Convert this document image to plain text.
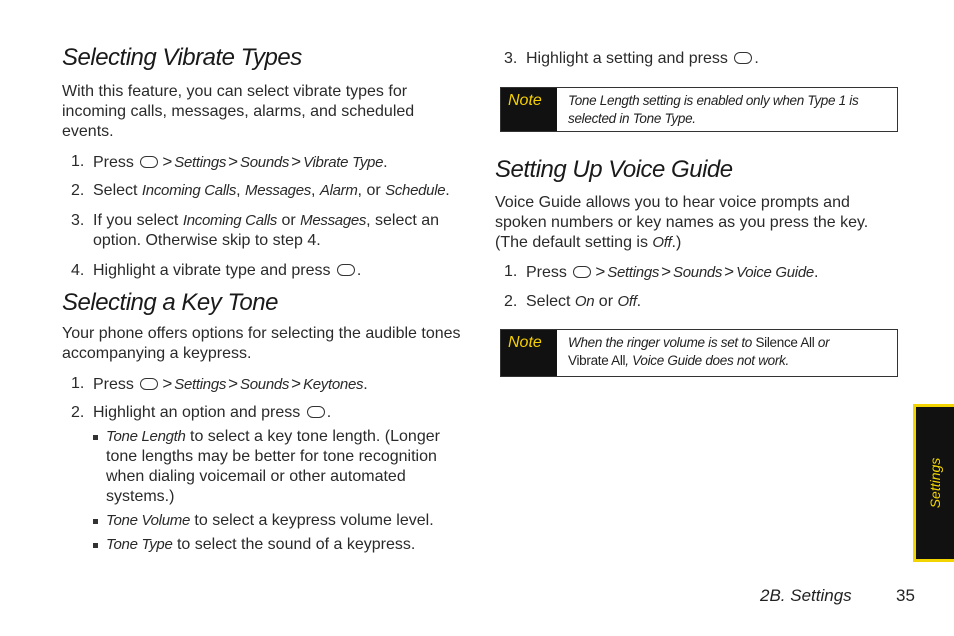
Selecting Vibrate Types

With this feature, you can select vibrate types for incoming calls, messages, alarms, and scheduled events.

1. Press > Settings > Sounds > Vibrate Type.
2. Select Incoming Calls, Messages, Alarm, or Schedule.
3. If you select Incoming Calls or Messages, select an
option. Otherwise skip to step 4.
4. Highlight a vibrate type and press .
Selecting a Key Tone

Your phone offers options for selecting the audible tones accompanying a keypress.

1. Press > Settings > Sounds > Keytones.
2. Highlight an option and press .
Tone Length to select a key tone length. (Longer
tone lengths may be better for tone recognition
when dialing voicemail or other automated
systems.)
Tone Volume to select a keypress volume level.
Tone Type to select the sound of a keypress.
3. Highlight a setting and press .
Note	Tone Length setting is enabled only when Type 1 is
selected in Tone Type.
Setting Up Voice Guide

Voice Guide allows you to hear voice prompts and
spoken numbers or key names as you press the key.
(The default setting is Off.)

1. Press > Settings > Sounds > Voice Guide.
2. Select On or Off.
Note	When the ringer volume is set to Silence All or
Vibrate All, Voice Guide does not work.
Settings
2B. Settings	35
